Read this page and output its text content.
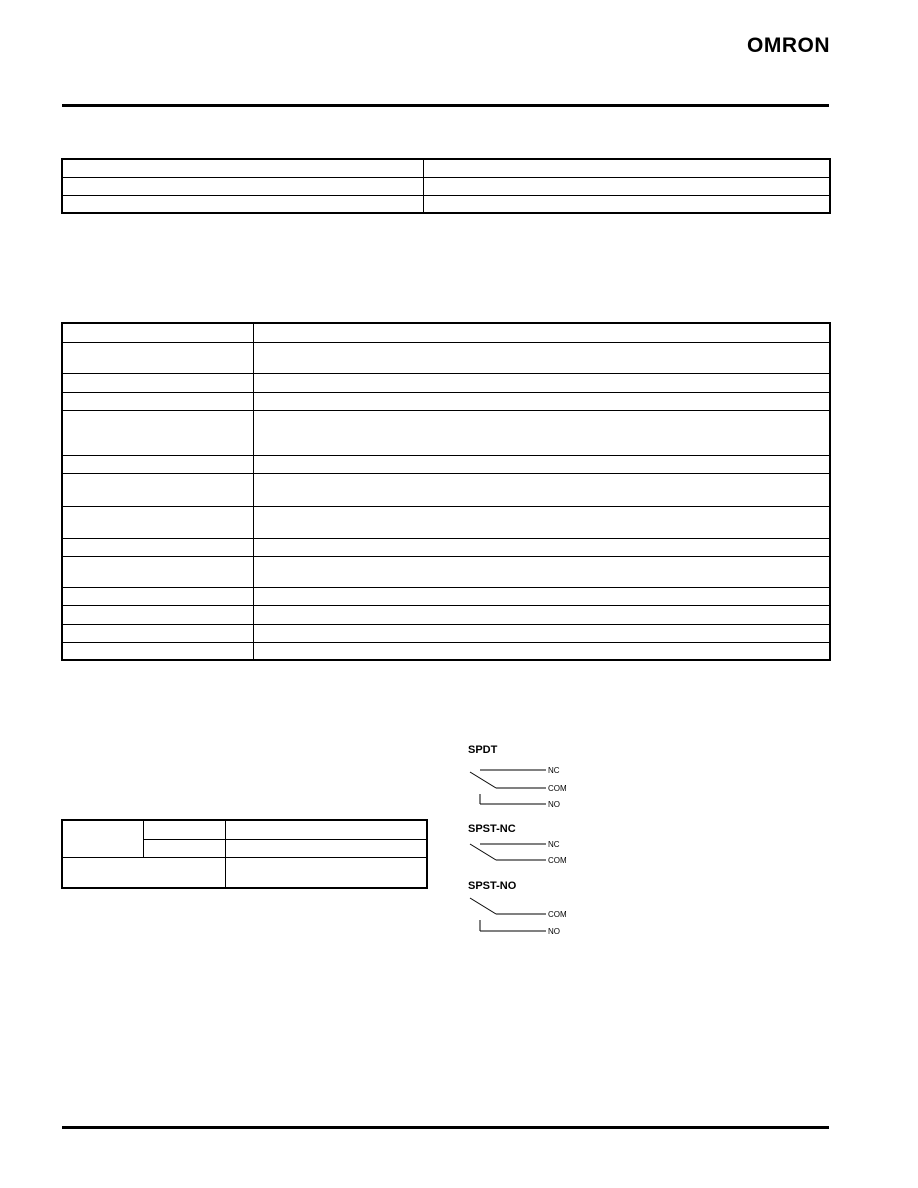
OMRON

SPDT
NC
COM
NO
SPST-NC
NC
COM
SPST-NO
COM
NO
